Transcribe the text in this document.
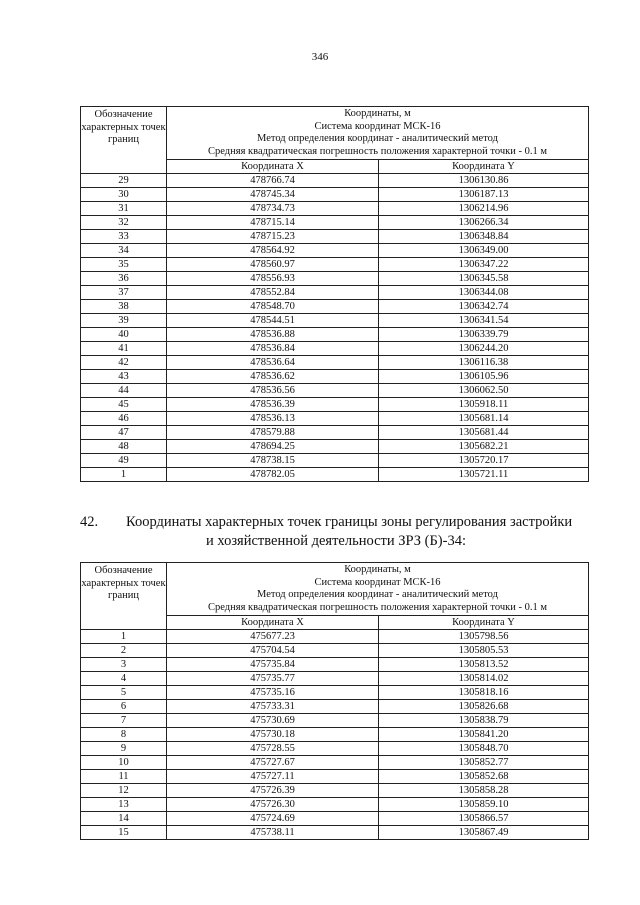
346
Обозначение характерных точек границ	Координаты, м
Система координат МСК-16
Метод определения координат - аналитический метод
Средняя квадратическая погрешность положения характерной точки - 0.1 м	

	Координата X	Координата Y
29	478766.74	1306130.86
30	478745.34	1306187.13
31	478734.73	1306214.96
32	478715.14	1306266.34
33	478715.23	1306348.84
34	478564.92	1306349.00
35	478560.97	1306347.22
36	478556.93	1306345.58
37	478552.84	1306344.08
38	478548.70	1306342.74
39	478544.51	1306341.54
40	478536.88	1306339.79
41	478536.84	1306244.20
42	478536.64	1306116.38
43	478536.62	1306105.96
44	478536.56	1306062.50
45	478536.39	1305918.11
46	478536.13	1305681.14
47	478579.88	1305681.44
48	478694.25	1305682.21
49	478738.15	1305720.17
1	478782.05	1305721.11
42. Координаты характерных точек границы зоны регулирования застройки
и хозяйственной деятельности ЗРЗ (Б)-34:
Обозначение характерных точек границ	Координаты, м
Система координат МСК-16
Метод определения координат - аналитический метод
Средняя квадратическая погрешность положения характерной точки - 0.1 м	

	Координата X	Координата Y
1	475677.23	1305798.56
2	475704.54	1305805.53
3	475735.84	1305813.52
4	475735.77	1305814.02
5	475735.16	1305818.16
6	475733.31	1305826.68
7	475730.69	1305838.79
8	475730.18	1305841.20
9	475728.55	1305848.70
10	475727.67	1305852.77
11	475727.11	1305852.68
12	475726.39	1305858.28
13	475726.30	1305859.10
14	475724.69	1305866.57
15	475738.11	1305867.49
